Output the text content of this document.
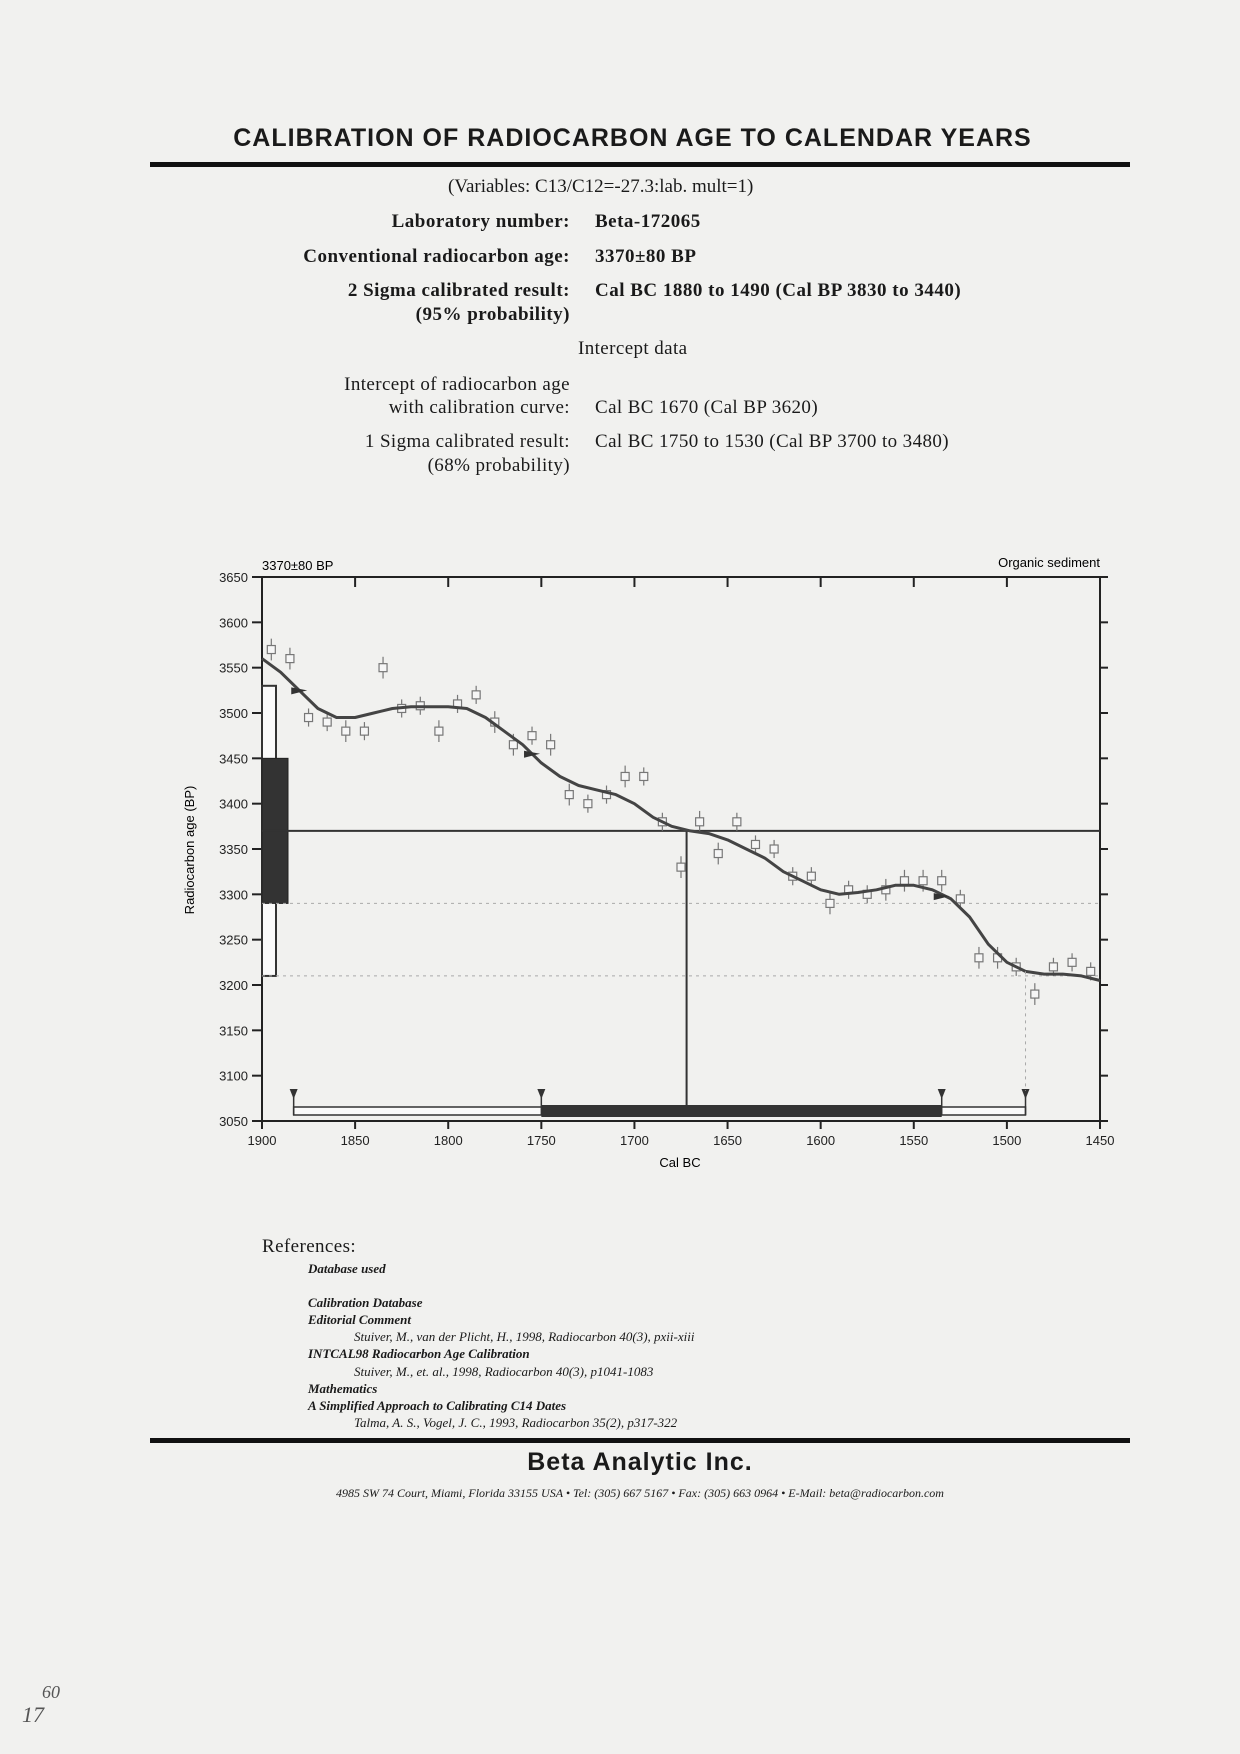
CALIBRATION OF RADIOCARBON AGE TO CALENDAR YEARS
(Variables: C13/C12=-27.3:lab. mult=1)
Laboratory number: Beta-172065
Conventional radiocarbon age: 3370±80 BP
2 Sigma calibrated result:
(95% probability)
Cal BC 1880 to 1490 (Cal BP 3830 to 3440)
Intercept data
Intercept of radiocarbon age
with calibration curve: Cal BC 1670 (Cal BP 3620)
1 Sigma calibrated result:
(68% probability)
Cal BC 1750 to 1530 (Cal BP 3700 to 3480)
3650
3600
3550
3500
3450
3400
3350
3300
3250
3200
3150
3100
3050
1900	1850	1800	1750	1700	1650	1600	1550	1500	1450
3370±80 BP	Organic sediment
Cal BC
Radiocarbon age (BP)
References:
Database used
Calibration Database
Editorial Comment
Stuiver, M., van der Plicht, H., 1998, Radiocarbon 40(3), pxii-xiii
INTCAL98 Radiocarbon Age Calibration
Stuiver, M., et. al., 1998, Radiocarbon 40(3), p1041-1083
Mathematics
A Simplified Approach to Calibrating C14 Dates
Talma, A. S., Vogel, J. C., 1993, Radiocarbon 35(2), p317-322
Beta Analytic Inc.
4985 SW 74 Court, Miami, Florida 33155 USA • Tel: (305) 667 5167 • Fax: (305) 663 0964 • E-Mail: beta@radiocarbon.com
60
17
